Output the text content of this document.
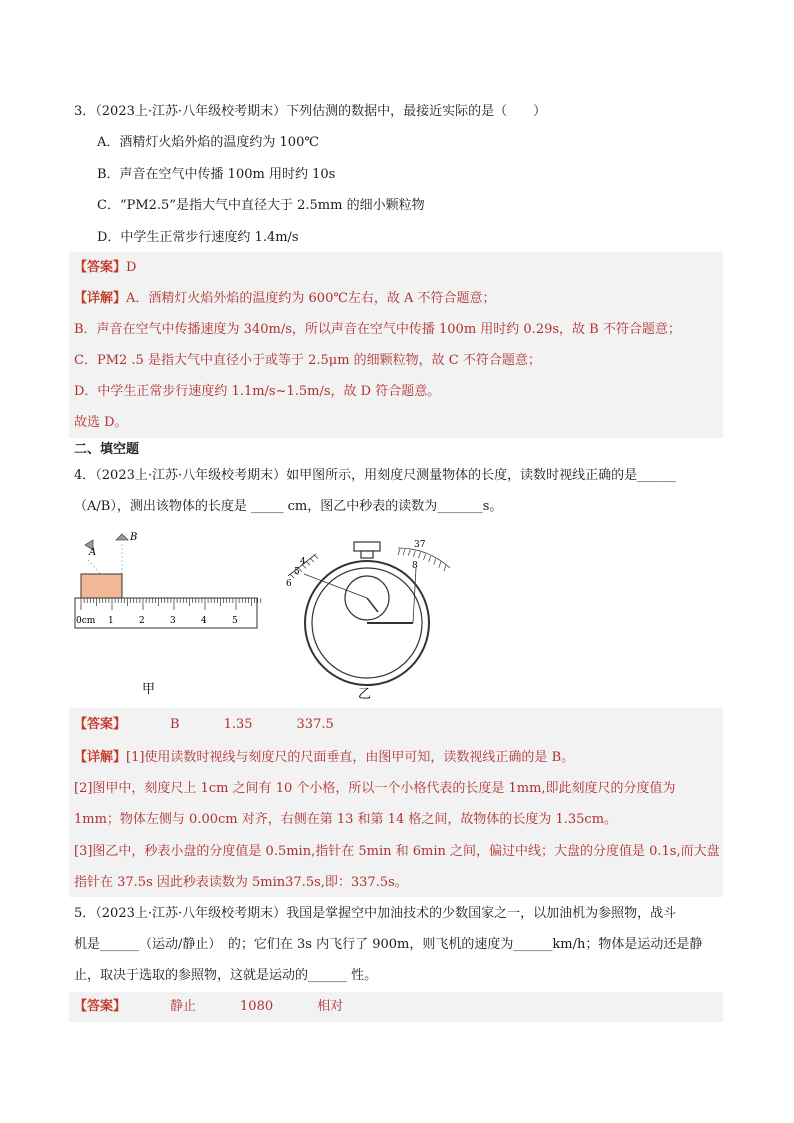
3．（2023上·江苏·八年级校考期末）下列估测的数据中，最接近实际的是（　　）
A．酒精灯火焰外焰的温度约为 100℃
B．声音在空气中传播 100m 用时约 10s
C．“PM2.5”是指大气中直径大于 2.5mm 的细小颗粒物
D．中学生正常步行速度约 1.4m/s
【答案】D
【详解】A．酒精灯火焰外焰的温度约为 600℃左右，故 A 不符合题意；
B．声音在空气中传播速度为 340m/s，所以声音在空气中传播 100m 用时约 0.29s，故 B 不符合题意；
C．PM2 .5 是指大气中直径小于或等于 2.5μm 的细颗粒物，故 C 不符合题意；
D．中学生正常步行速度约 1.1m/s~1.5m/s，故 D 符合题意。
故选 D。
二、填空题
4．（2023上·江苏·八年级校考期末）如甲图所示，用刻度尺测量物体的长度，读数时视线正确的是______
（A/B），测出该物体的长度是 _____ cm，图乙中秒表的读数为_______s。
A
B
0cm 1	2	3	4	5
甲
4
5
6
37
8
乙
【答案】	B	1.35	337.5
【详解】[1]使用读数时视线与刻度尺的尺面垂直，由图甲可知，读数视线正确的是 B。
[2]图甲中，刻度尺上 1cm 之间有 10 个小格，所以一个小格代表的长度是 1mm,即此刻度尺的分度值为
1mm；物体左侧与 0.00cm 对齐，右侧在第 13 和第 14 格之间，故物体的长度为 1.35cm。
[3]图乙中，秒表小盘的分度值是 0.5min,指针在 5min 和 6min 之间，偏过中线；大盘的分度值是 0.1s,而大盘
指针在 37.5s 因此秒表读数为 5min37.5s,即：337.5s。
5．（2023上·江苏·八年级校考期末）我国是掌握空中加油技术的少数国家之一，以加油机为参照物，战斗
机是______（运动/静止）　的；它们在 3s 内飞行了 900m，则飞机的速度为______km/h；物体是运动还是静
止，取决于选取的参照物，这就是运动的______ 性。
【答案】	静止	1080	相对
